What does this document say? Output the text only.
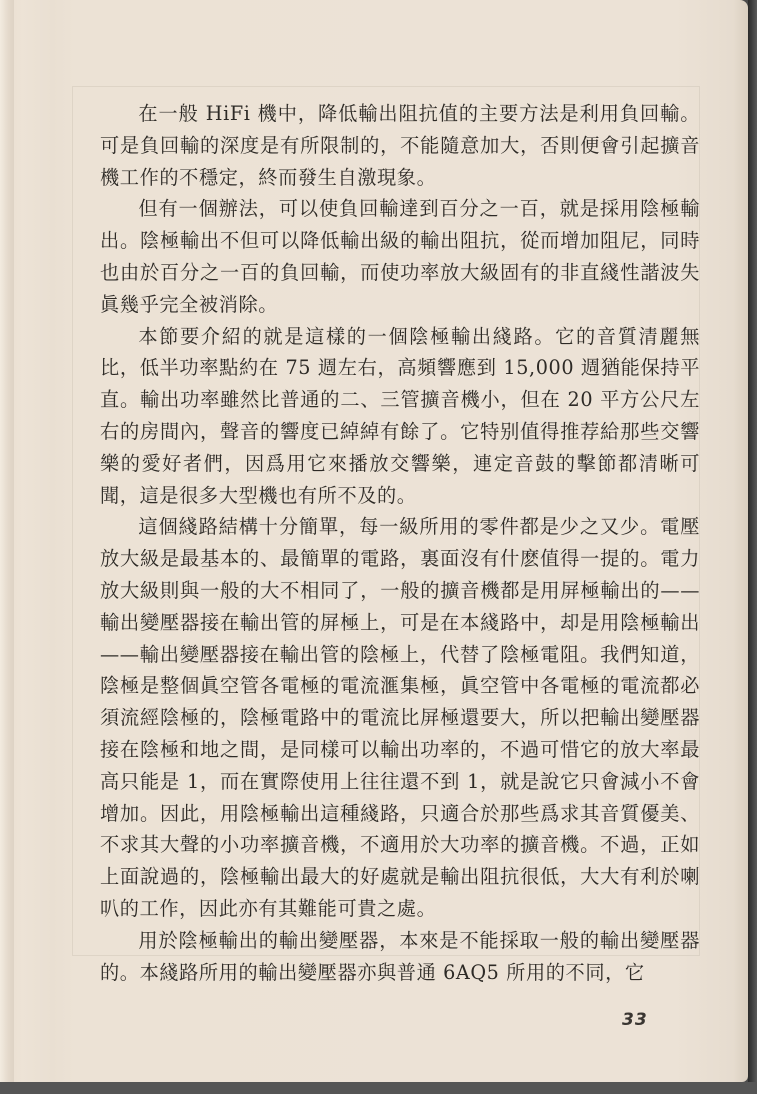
在一般 HiFi 機中，降低輸出阻抗值的主要方法是利用負回輸。可是負回輸的深度是有所限制的，不能隨意加大，否則便會引起擴音機工作的不穩定，終而發生自激現象。

但有一個辦法，可以使負回輸達到百分之一百，就是採用陰極輸出。陰極輸出不但可以降低輸出級的輸出阻抗，從而增加阻尼，同時也由於百分之一百的負回輸，而使功率放大級固有的非直綫性諧波失眞幾乎完全被消除。

本節要介紹的就是這樣的一個陰極輸出綫路。它的音質清麗無比，低半功率點約在 75 週左右，高頻響應到 15,000 週猶能保持平直。輸出功率雖然比普通的二、三管擴音機小，但在 20 平方公尺左右的房間內，聲音的響度已綽綽有餘了。它特别值得推荐給那些交響樂的愛好者們，因爲用它來播放交響樂，連定音鼓的擊節都清晰可聞，這是很多大型機也有所不及的。

這個綫路結構十分簡單，每一級所用的零件都是少之又少。電壓放大級是最基本的、最簡單的電路，裏面沒有什麽值得一提的。電力放大級則與一般的大不相同了，一般的擴音機都是用屏極輸出的——輸出變壓器接在輸出管的屏極上，可是在本綫路中，却是用陰極輸出——輸出變壓器接在輸出管的陰極上，代替了陰極電阻。我們知道，陰極是整個眞空管各電極的電流滙集極，眞空管中各電極的電流都必須流經陰極的，陰極電路中的電流比屏極還要大，所以把輸出變壓器接在陰極和地之間，是同樣可以輸出功率的，不過可惜它的放大率最高只能是 1，而在實際使用上往往還不到 1，就是說它只會減小不會增加。因此，用陰極輸出這種綫路，只適合於那些爲求其音質優美、不求其大聲的小功率擴音機，不適用於大功率的擴音機。不過，正如上面說過的，陰極輸出最大的好處就是輸出阻抗很低，大大有利於喇叭的工作，因此亦有其難能可貴之處。

用於陰極輸出的輸出變壓器，本來是不能採取一般的輸出變壓器的。本綫路所用的輸出變壓器亦與普通 6AQ5 所用的不同，它

33
